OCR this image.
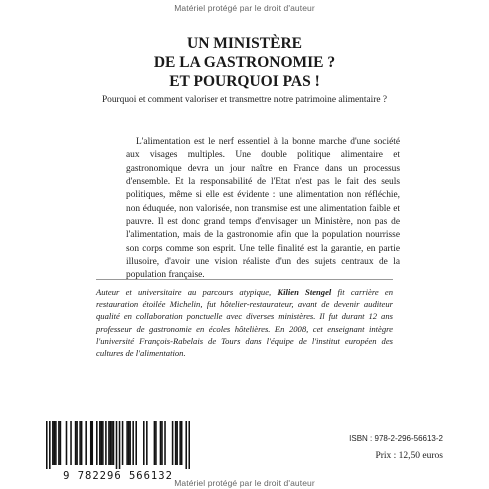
Matériel protégé par le droit d'auteur
UN MINISTÈRE
DE LA GASTRONOMIE ?
ET POURQUOI PAS !
Pourquoi et comment valoriser et transmettre notre patrimoine alimentaire ?
L'alimentation est le nerf essentiel à la bonne marche d'une société aux visages multiples. Une double politique alimentaire et gastronomique devra un jour naître en France dans un processus d'ensemble. Et la responsabilité de l'Etat n'est pas le fait des seuls politiques, même si elle est évidente : une alimentation non réfléchie, non éduquée, non valorisée, non transmise est une alimentation faible et pauvre. Il est donc grand temps d'envisager un Ministère, non pas de l'alimentation, mais de la gastronomie afin que la population nourrisse son corps comme son esprit. Une telle finalité est la garantie, en partie illusoire, d'avoir une vision réaliste d'un des sujets centraux de la population française.
Auteur et universitaire au parcours atypique, Kilien Stengel fit carrière en restauration étoilée Michelin, fut hôtelier-restaurateur, avant de devenir auditeur qualité en collaboration ponctuelle avec diverses ministères. Il fut durant 12 ans professeur de gastronomie en écoles hôtelières. En 2008, cet enseignant intègre l'université François-Rabelais de Tours dans l'équipe de l'institut européen des cultures de l'alimentation.
9 782296 566132
ISBN : 978-2-296-56613-2
Prix : 12,50 euros
Matériel protégé par le droit d'auteur
